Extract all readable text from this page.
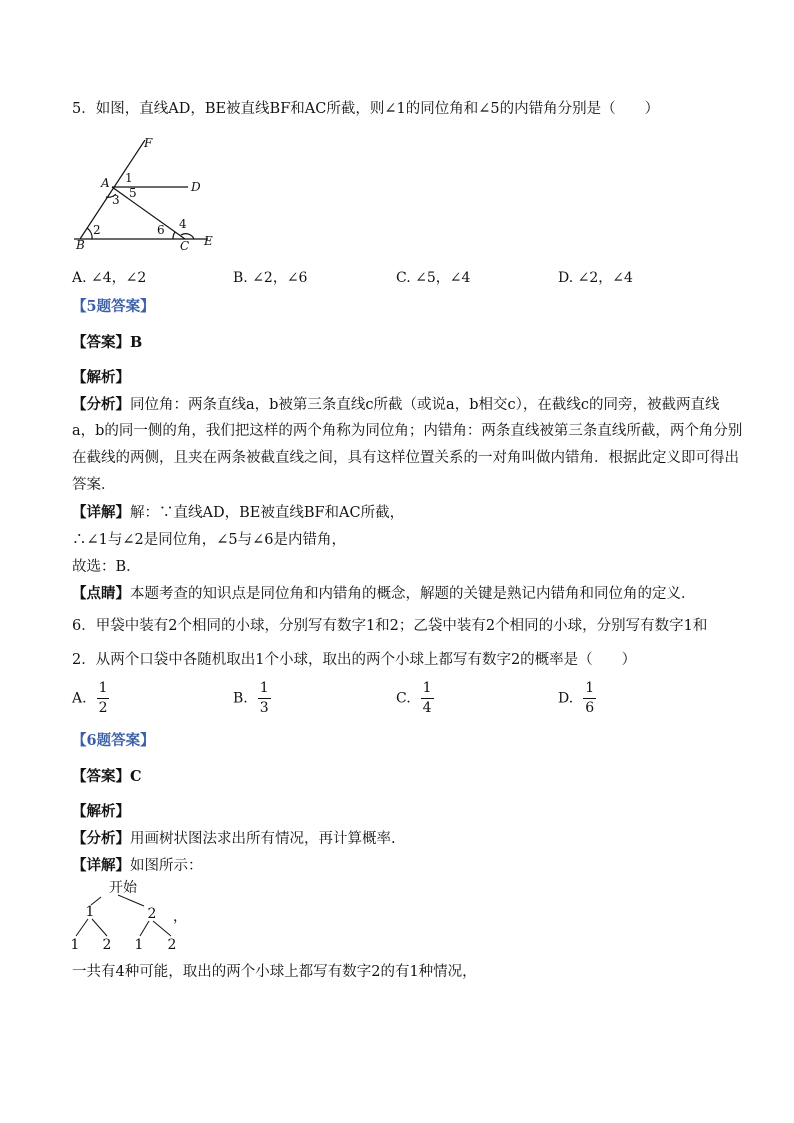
5．如图，直线AD，BE被直线BF和AC所截，则∠1的同位角和∠5的内错角分别是（　　）
F
A	D
B	C E
1
5
3
2	6 4
A. ∠4，∠2	B. ∠2，∠6	C. ∠5，∠4	D. ∠2，∠4
【5题答案】
【答案】B
【解析】
【分析】同位角：两条直线a，b被第三条直线c所截（或说a，b相交c），在截线c的同旁，被截两直线
a，b的同一侧的角，我们把这样的两个角称为同位角；内错角：两条直线被第三条直线所截，两个角分别
在截线的两侧，且夹在两条被截直线之间，具有这样位置关系的一对角叫做内错角．根据此定义即可得出
答案．
【详解】解：∵直线AD，BE被直线BF和AC所截，
∴∠1与∠2是同位角，∠5与∠6是内错角，
故选：B．
【点睛】本题考查的知识点是同位角和内错角的概念，解题的关键是熟记内错角和同位角的定义．
6．甲袋中装有2个相同的小球，分别写有数字1和2；乙袋中装有2个相同的小球，分别写有数字1和
2．从两个口袋中各随机取出1个小球，取出的两个小球上都写有数字2的概率是（　　）
A. $\frac{1}{2}$	B. $\frac{1}{3}$	C. $\frac{1}{4}$	D. $\frac{1}{6}$
【6题答案】
【答案】C
【解析】
【分析】用画树状图法求出所有情况，再计算概率.
【详解】如图所示：
开始
1	2
1 2 1 2
，
一共有4种可能，取出的两个小球上都写有数字2的有1种情况，
